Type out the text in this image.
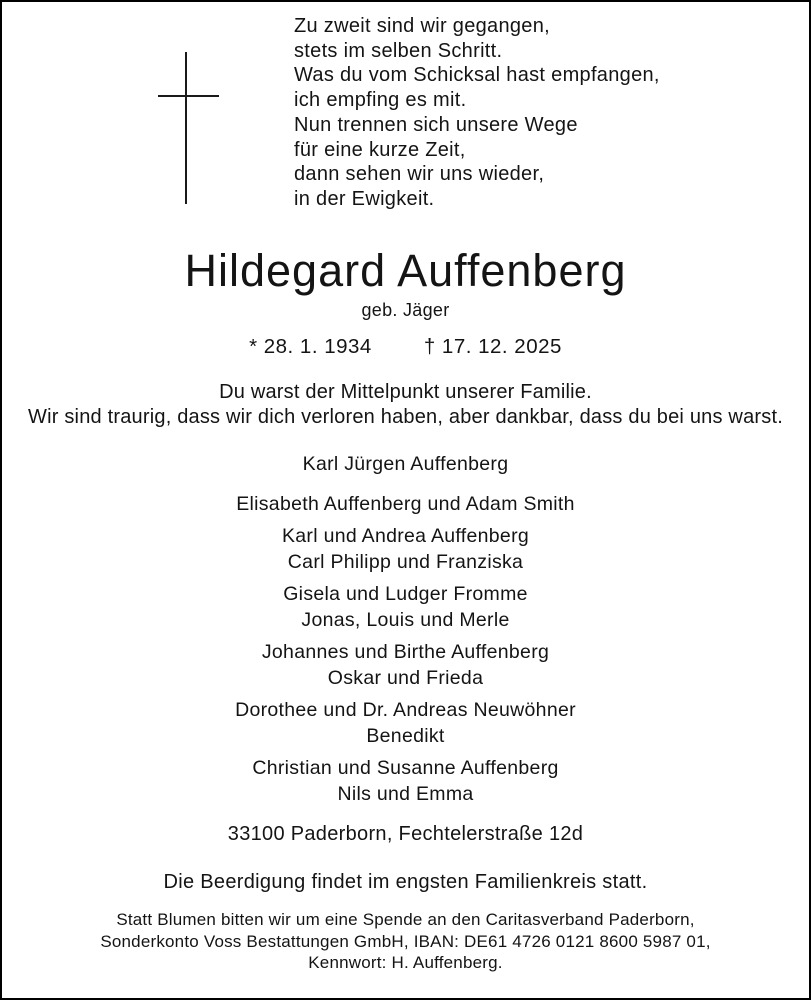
Zu zweit sind wir gegangen,
stets im selben Schritt.
Was du vom Schicksal hast empfangen,
ich empfing es mit.
Nun trennen sich unsere Wege
für eine kurze Zeit,
dann sehen wir uns wieder,
in der Ewigkeit.
Hildegard Auffenberg
geb. Jäger
* 28. 1. 1934	† 17. 12. 2025
Du warst der Mittelpunkt unserer Familie.
Wir sind traurig, dass wir dich verloren haben, aber dankbar, dass du bei uns warst.
Karl Jürgen Auffenberg
Elisabeth Auffenberg und Adam Smith
Karl und Andrea Auffenberg
Carl Philipp und Franziska
Gisela und Ludger Fromme
Jonas, Louis und Merle
Johannes und Birthe Auffenberg
Oskar und Frieda
Dorothee und Dr. Andreas Neuwöhner
Benedikt
Christian und Susanne Auffenberg
Nils und Emma
33100 Paderborn, Fechtelerstraße 12d
Die Beerdigung findet im engsten Familienkreis statt.
Statt Blumen bitten wir um eine Spende an den Caritasverband Paderborn,
Sonderkonto Voss Bestattungen GmbH, IBAN: DE61 4726 0121 8600 5987 01,
Kennwort: H. Auffenberg.
